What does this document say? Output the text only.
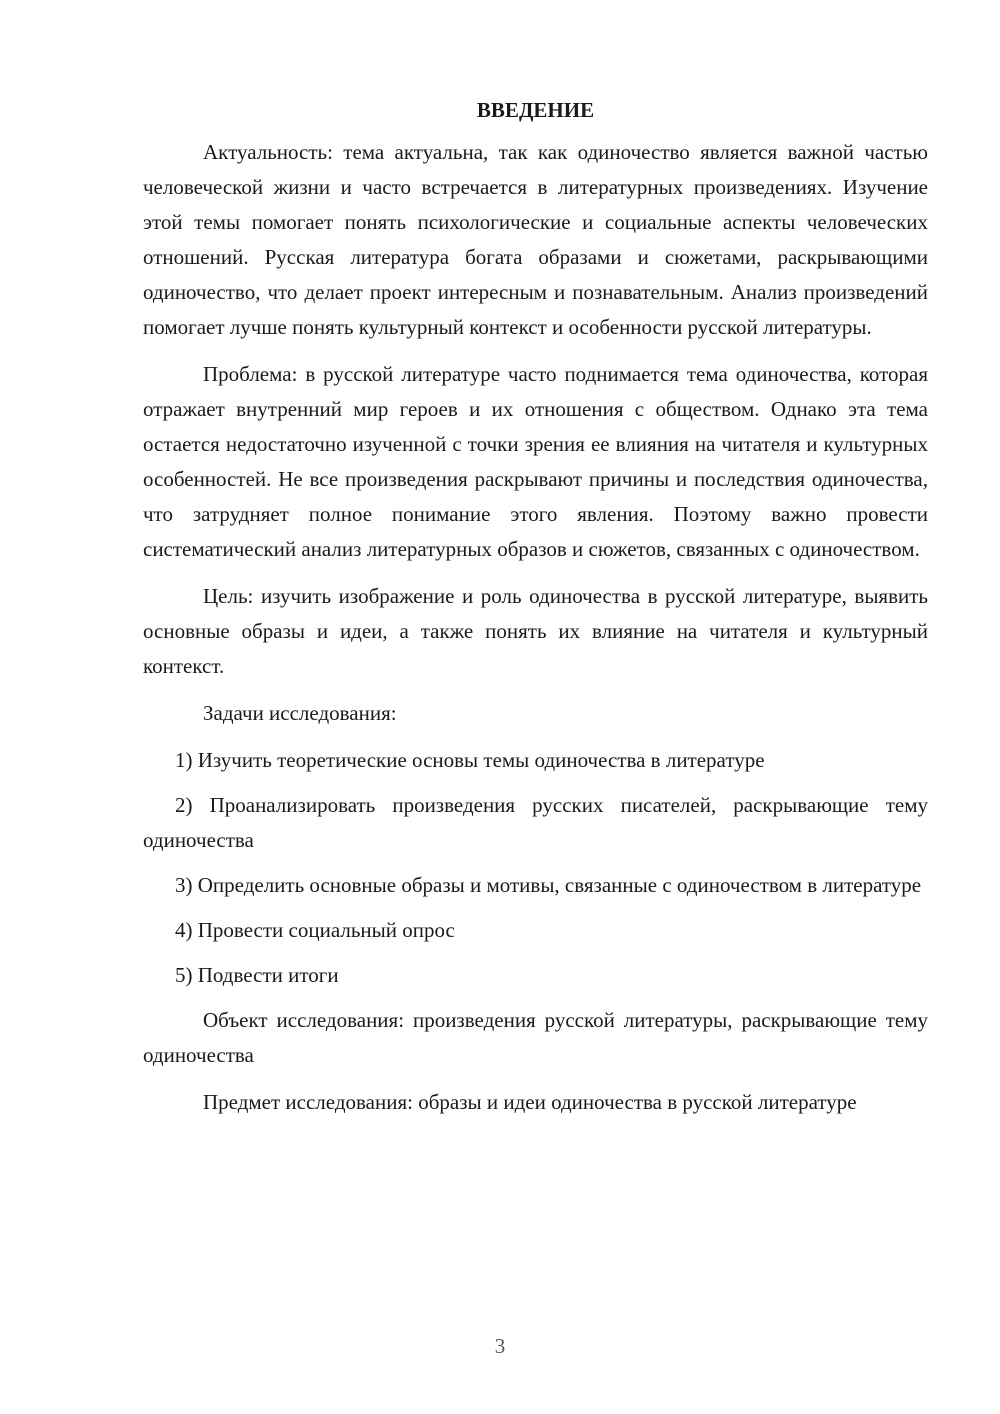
ВВЕДЕНИЕ

Актуальность: тема актуальна, так как одиночество является важной частью человеческой жизни и часто встречается в литературных произведениях. Изучение этой темы помогает понять психологические и социальные аспекты человеческих отношений. Русская литература богата образами и сюжетами, раскрывающими одиночество, что делает проект интересным и познавательным. Анализ произведений помогает лучше понять культурный контекст и особенности русской литературы.

Проблема: в русской литературе часто поднимается тема одиночества, которая отражает внутренний мир героев и их отношения с обществом. Однако эта тема остается недостаточно изученной с точки зрения ее влияния на читателя и культурных особенностей. Не все произведения раскрывают причины и последствия одиночества, что затрудняет полное понимание этого явления. Поэтому важно провести систематический анализ литературных образов и сюжетов, связанных с одиночеством.

Цель: изучить изображение и роль одиночества в русской литературе, выявить основные образы и идеи, а также понять их влияние на читателя и культурный контекст.

Задачи исследования:

1) Изучить теоретические основы темы одиночества в литературе

2) Проанализировать произведения русских писателей, раскрывающие тему одиночества

3) Определить основные образы и мотивы, связанные с одиночеством в литературе

4) Провести социальный опрос

5) Подвести итоги

Объект исследования: произведения русской литературы, раскрывающие тему одиночества

Предмет исследования: образы и идеи одиночества в русской литературе

3
